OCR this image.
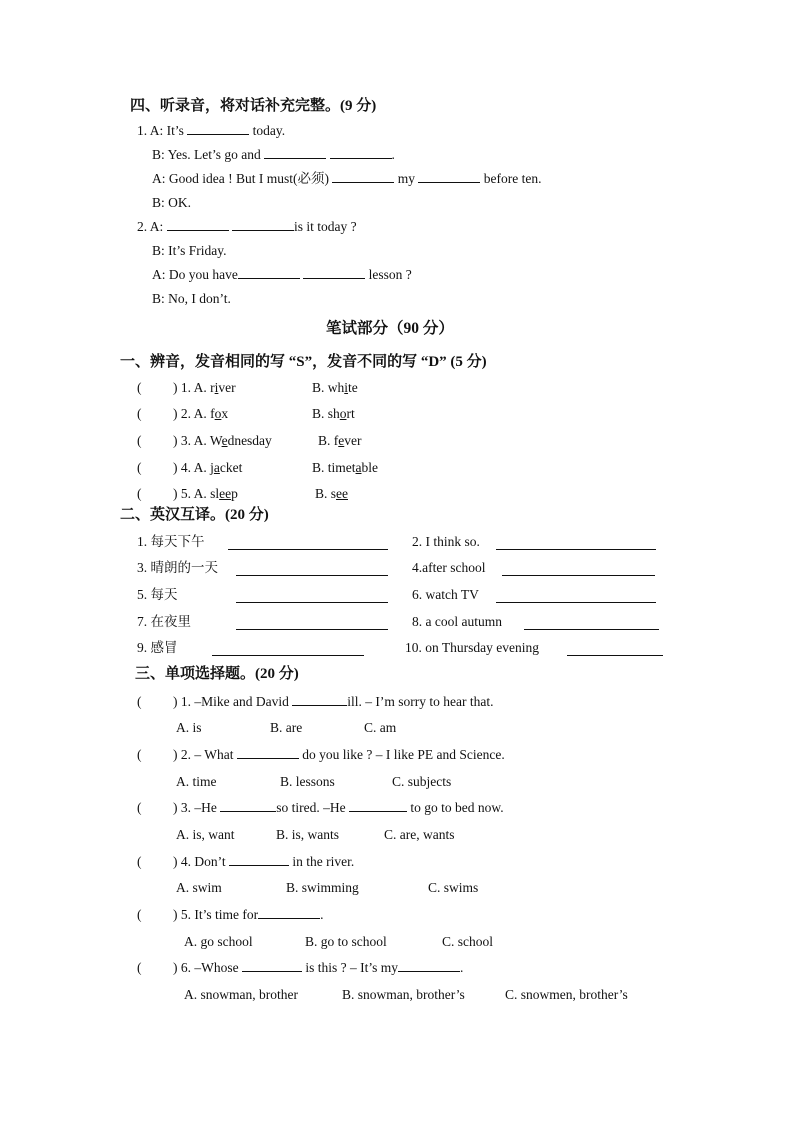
四、听录音，将对话补充完整。(9 分)
1. A: It’s	today.
B: Yes. Let’s go and	.
A: Good idea ! But I must(必须)	my	before ten.
B: OK.
2. A:	is it today ?
B: It’s Friday.
A: Do you have	lesson ?
B: No, I don’t.
笔试部分（90 分）
一、辨音，发音相同的写 “S”，发音不同的写 “D” (5 分)
( ) 1. A. river	B. white
( ) 2. A. fox	B. short
( ) 3. A. Wednesday	B. fever
( ) 4. A. jacket	B. timetable
( ) 5. A. sleep	B. see
二、英汉互译。(20 分)
1. 每天下午	2. I think so.
3. 晴朗的一天	4.after school
5. 每天	6. watch TV
7. 在夜里	8. a cool autumn
9. 感冒	10. on Thursday evening
三、单项选择题。(20 分)
( ) 1. –Mike and David	ill. – I’m sorry to hear that.
A. is	B. are	C. am
( ) 2. – What	do you like ? – I like PE and Science.
A. time	B. lessons	C. subjects
( ) 3. –He	so tired. –He	to go to bed now.
A. is, want	B. is, wants	C. are, wants
( ) 4. Don’t	in the river.
A. swim	B. swimming	C. swims
( ) 5. It’s time for	.
A. go school	B. go to school	C. school
( ) 6. –Whose	is this ? – It’s my	.
A. snowman, brother	B. snowman, brother’s	C. snowmen, brother’s
